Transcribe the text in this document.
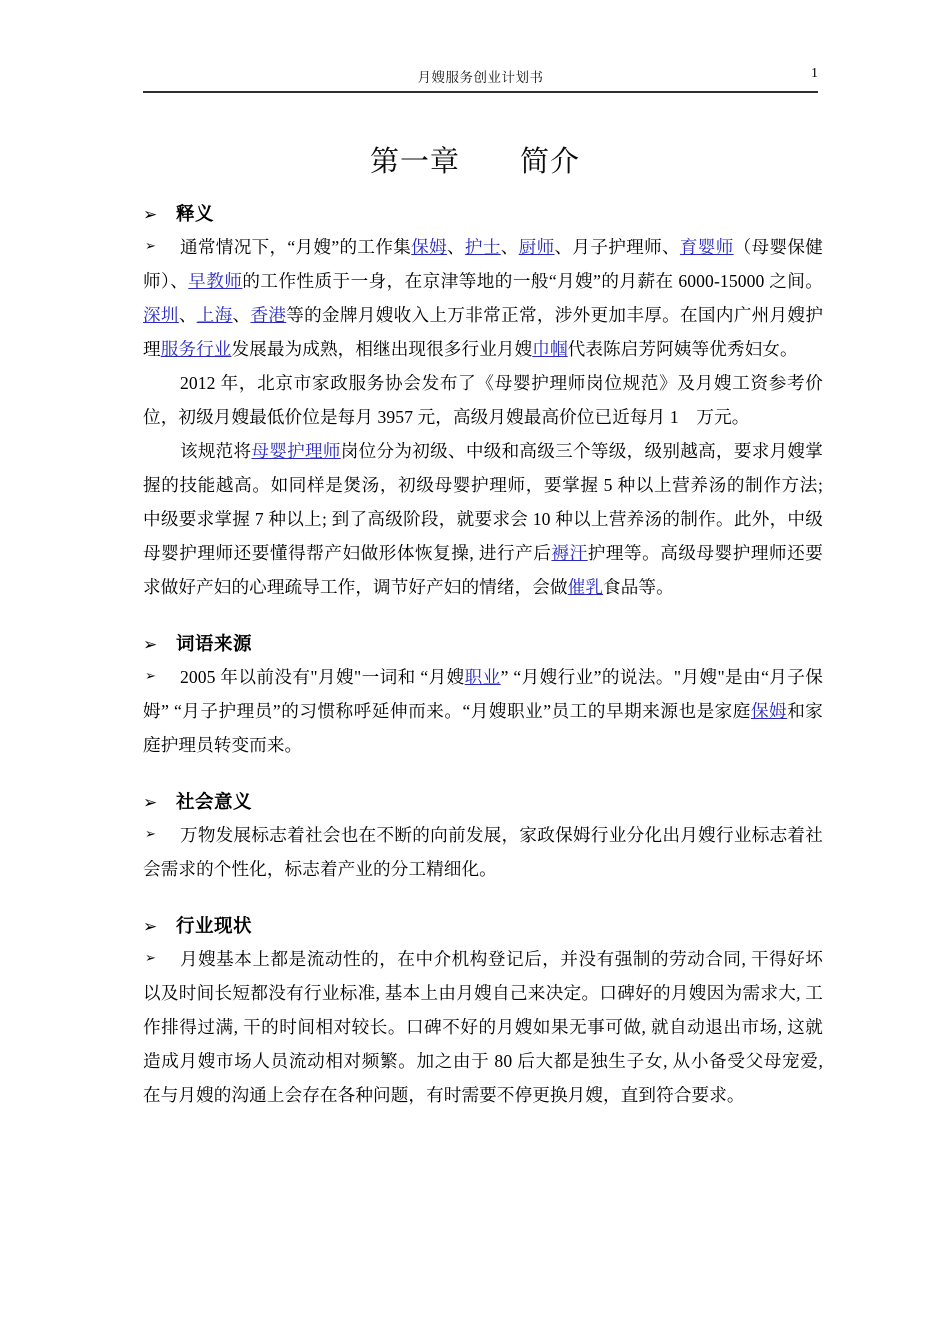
1
月嫂服务创业计划书
第一章　　简介
➢ 释义
➢	通常情况下，“月嫂”的工作集保姆、护士、厨师、月子护理师、育婴师（母婴保健师）、早教师的工作性质于一身，在京津等地的一般“月嫂”的月薪在 6000-15000 之间。深圳、上海、香港等的金牌月嫂收入上万非常正常，涉外更加丰厚。在国内广州月嫂护理服务行业发展最为成熟，相继出现很多行业月嫂巾帼代表陈启芳阿姨等优秀妇女。

2012 年，北京市家政服务协会发布了《母婴护理师岗位规范》及月嫂工资参考价位，初级月嫂最低价位是每月 3957 元，高级月嫂最高价位已近每月 1　万元。

该规范将母婴护理师岗位分为初级、中级和高级三个等级，级别越高，要求月嫂掌握的技能越高。如同样是煲汤，初级母婴护理师，要掌握 5 种以上营养汤的制作方法; 中级要求掌握 7 种以上; 到了高级阶段，就要求会 10 种以上营养汤的制作。此外，中级母婴护理师还要懂得帮产妇做形体恢复操, 进行产后褥汗护理等。高级母婴护理师还要求做好产妇的心理疏导工作，调节好产妇的情绪，会做催乳食品等。

➢ 词语来源
➢	2005 年以前没有"月嫂"一词和 “月嫂职业” “月嫂行业”的说法。"月嫂"是由“月子保姆” “月子护理员”的习惯称呼延伸而来。“月嫂职业”员工的早期来源也是家庭保姆和家庭护理员转变而来。

➢ 社会意义
➢	万物发展标志着社会也在不断的向前发展，家政保姆行业分化出月嫂行业标志着社会需求的个性化，标志着产业的分工精细化。

➢ 行业现状
➢	月嫂基本上都是流动性的，在中介机构登记后，并没有强制的劳动合同, 干得好坏以及时间长短都没有行业标准, 基本上由月嫂自己来决定。口碑好的月嫂因为需求大, 工作排得过满, 干的时间相对较长。口碑不好的月嫂如果无事可做, 就自动退出市场, 这就造成月嫂市场人员流动相对频繁。加之由于 80 后大都是独生子女, 从小备受父母宠爱, 在与月嫂的沟通上会存在各种问题，有时需要不停更换月嫂，直到符合要求。
